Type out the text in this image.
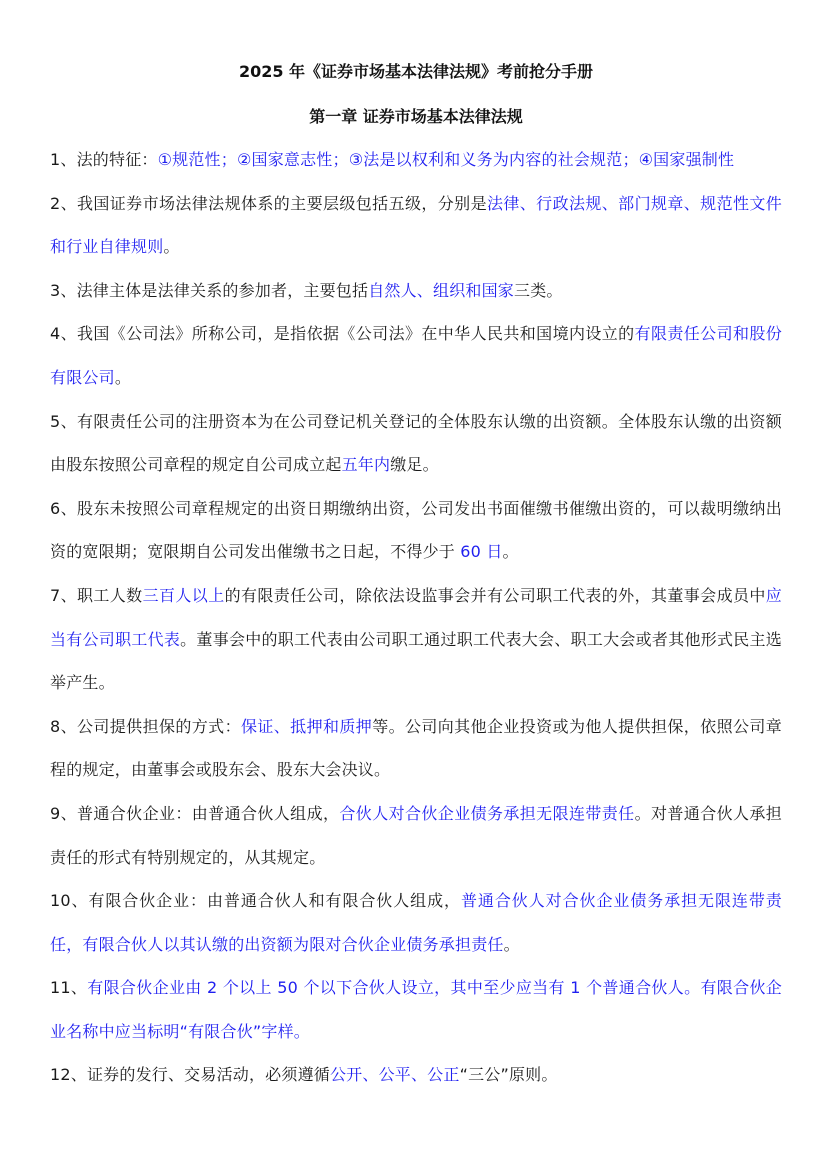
2025 年《证券市场基本法律法规》考前抢分手册
第一章 证券市场基本法律法规

1、法的特征：①规范性；②国家意志性；③法是以权利和义务为内容的社会规范；④国家强制性

2、我国证券市场法律法规体系的主要层级包括五级，分别是法律、行政法规、部门规章、规范性文件和行业自律规则。

3、法律主体是法律关系的参加者，主要包括自然人、组织和国家三类。

4、我国《公司法》所称公司，是指依据《公司法》在中华人民共和国境内设立的有限责任公司和股份有限公司。

5、有限责任公司的注册资本为在公司登记机关登记的全体股东认缴的出资额。全体股东认缴的出资额由股东按照公司章程的规定自公司成立起五年内缴足。

6、股东未按照公司章程规定的出资日期缴纳出资，公司发出书面催缴书催缴出资的，可以裁明缴纳出资的宽限期；宽限期自公司发出催缴书之日起，不得少于 60 日。

7、职工人数三百人以上的有限责任公司，除依法设监事会并有公司职工代表的外，其董事会成员中应当有公司职工代表。董事会中的职工代表由公司职工通过职工代表大会、职工大会或者其他形式民主选举产生。

8、公司提供担保的方式：保证、抵押和质押等。公司向其他企业投资或为他人提供担保，依照公司章程的规定，由董事会或股东会、股东大会决议。

9、普通合伙企业：由普通合伙人组成，合伙人对合伙企业债务承担无限连带责任。对普通合伙人承担责任的形式有特别规定的，从其规定。

10、有限合伙企业：由普通合伙人和有限合伙人组成，普通合伙人对合伙企业债务承担无限连带责任，有限合伙人以其认缴的出资额为限对合伙企业债务承担责任。

11、有限合伙企业由 2 个以上 50 个以下合伙人设立，其中至少应当有 1 个普通合伙人。有限合伙企业名称中应当标明“有限合伙”字样。

12、证券的发行、交易活动，必须遵循公开、公平、公正“三公”原则。
